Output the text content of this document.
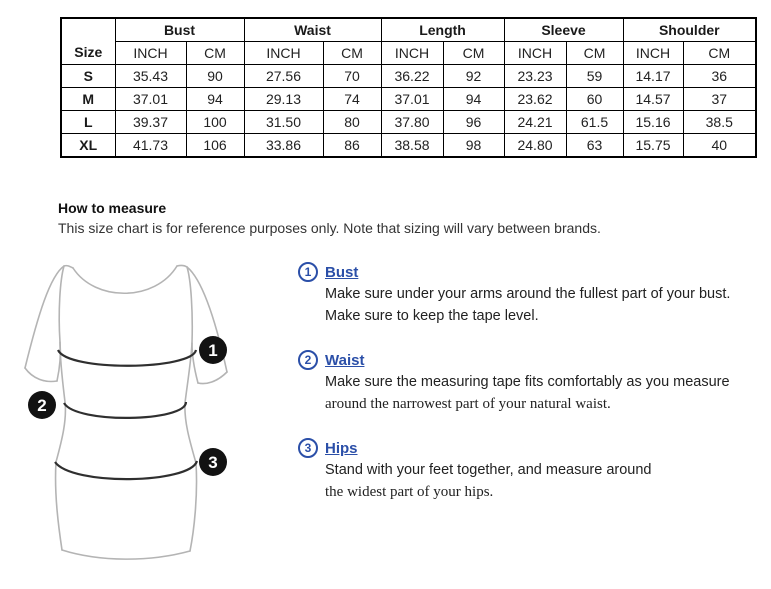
Size	Bust		Waist		Length		Sleeve		Shoulder	
	INCH	CM	INCH	CM	INCH	CM	INCH	CM	INCH	CM
S	35.43	90	27.56	70	36.22	92	23.23	59	14.17	36
M	37.01	94	29.13	74	37.01	94	23.62	60	14.57	37
L	39.37	100	31.50	80	37.80	96	24.21	61.5	15.16	38.5
XL	41.73	106	33.86	86	38.58	98	24.80	63	15.75	40
How to measure
This size chart is for reference purposes only. Note that sizing will vary between brands.
1
2
3
1 Bust
Make sure under your arms around the fullest part of your bust.
Make sure to keep the tape level.
2 Waist
Make sure the measuring tape fits comfortably as you measure
around the narrowest part of your natural waist.
3 Hips
Stand with your feet together, and measure around
the widest part of your hips.
